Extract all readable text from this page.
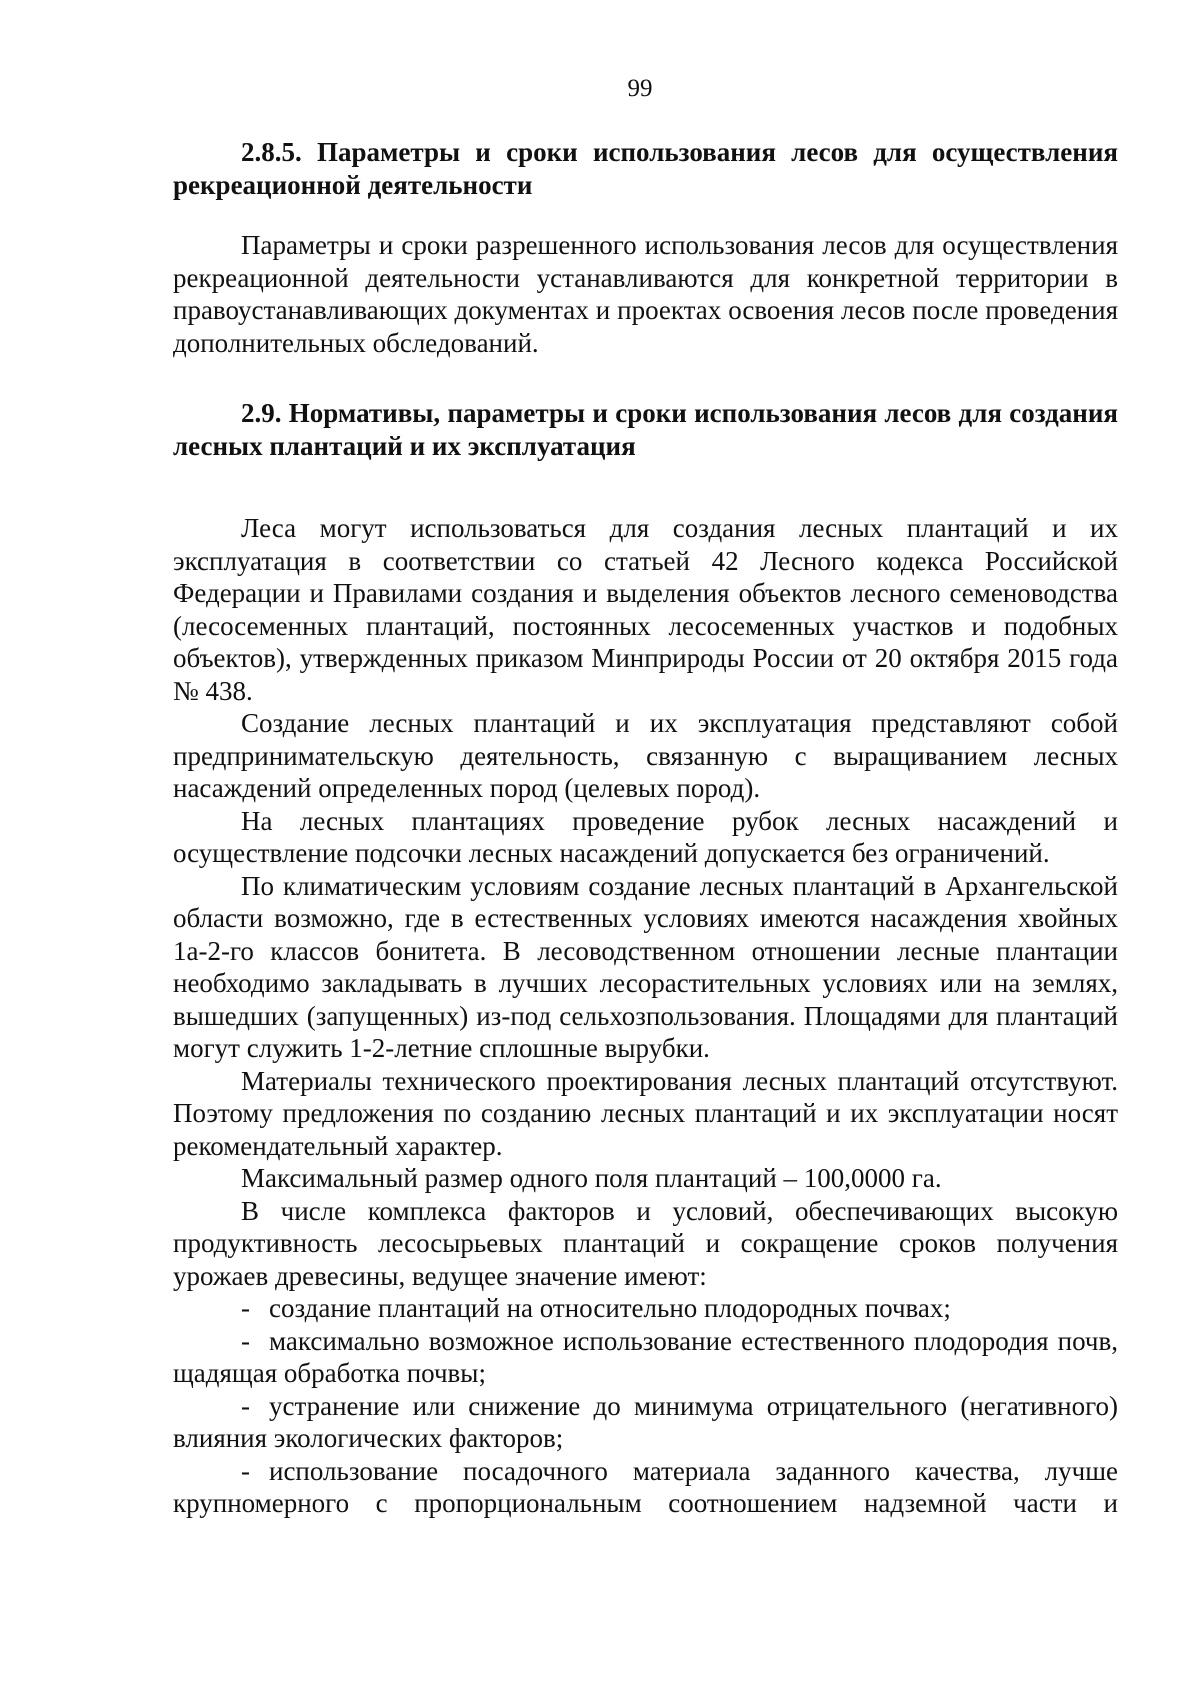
99

2.8.5. Параметры и сроки использования лесов для осуществления рекреационной деятельности

Параметры и сроки разрешенного использования лесов для осуществления рекреационной деятельности устанавливаются для конкретной территории в правоустанавливающих документах и проектах освоения лесов после проведения дополнительных обследований.

2.9. Нормативы, параметры и сроки использования лесов для создания лесных плантаций и их эксплуатация

Леса могут использоваться для создания лесных плантаций и их эксплуатация в соответствии со статьей 42 Лесного кодекса Российской Федерации и Правилами создания и выделения объектов лесного семеноводства (лесосеменных плантаций, постоянных лесосеменных участков и подобных объектов), утвержденных приказом Минприроды России от 20 октября 2015 года № 438.

Создание лесных плантаций и их эксплуатация представляют собой предпринимательскую деятельность, связанную с выращиванием лесных насаждений определенных пород (целевых пород).

На лесных плантациях проведение рубок лесных насаждений и осуществление подсочки лесных насаждений допускается без ограничений.

По климатическим условиям создание лесных плантаций в Архангельской области возможно, где в естественных условиях имеются насаждения хвойных 1а-2-го классов бонитета. В лесоводственном отношении лесные плантации необходимо закладывать в лучших лесорастительных условиях или на землях, вышедших (запущенных) из-под сельхозпользования. Площадями для плантаций могут служить 1-2-летние сплошные вырубки.

Материалы технического проектирования лесных плантаций отсутствуют. Поэтому предложения по созданию лесных плантаций и их эксплуатации носят рекомендательный характер.

Максимальный размер одного поля плантаций – 100,0000 га.

В числе комплекса факторов и условий, обеспечивающих высокую продуктивность лесосырьевых плантаций и сокращение сроков получения урожаев древесины, ведущее значение имеют:

- создание плантаций на относительно плодородных почвах;

- максимально возможное использование естественного плодородия почв, щадящая обработка почвы;

- устранение или снижение до минимума отрицательного (негативного) влияния экологических факторов;

- использование посадочного материала заданного качества, лучше крупномерного с пропорциональным соотношением надземной части и
